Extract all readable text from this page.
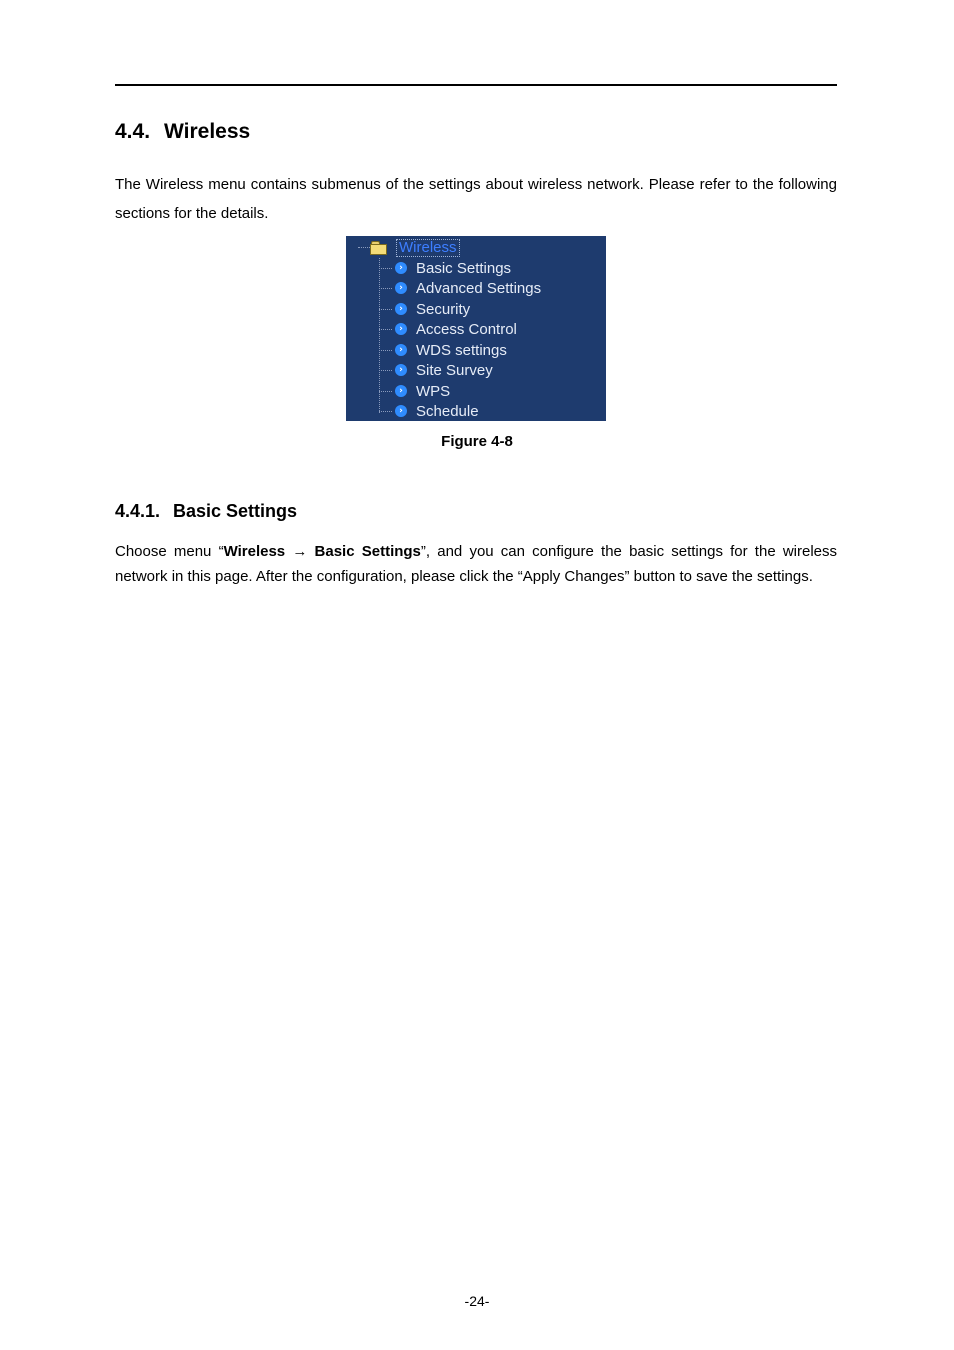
4.4. Wireless

The Wireless menu contains submenus of the settings about wireless network. Please refer to the following sections for the details.

Wireless
› Basic Settings
› Advanced Settings
› Security
› Access Control
› WDS settings
› Site Survey
› WPS
› Schedule
Figure 4-8
4.4.1. Basic Settings

Choose menu “Wireless → Basic Settings”, and you can configure the basic settings for the wireless network in this page. After the configuration, please click the “Apply Changes” button to save the settings.

-24-
